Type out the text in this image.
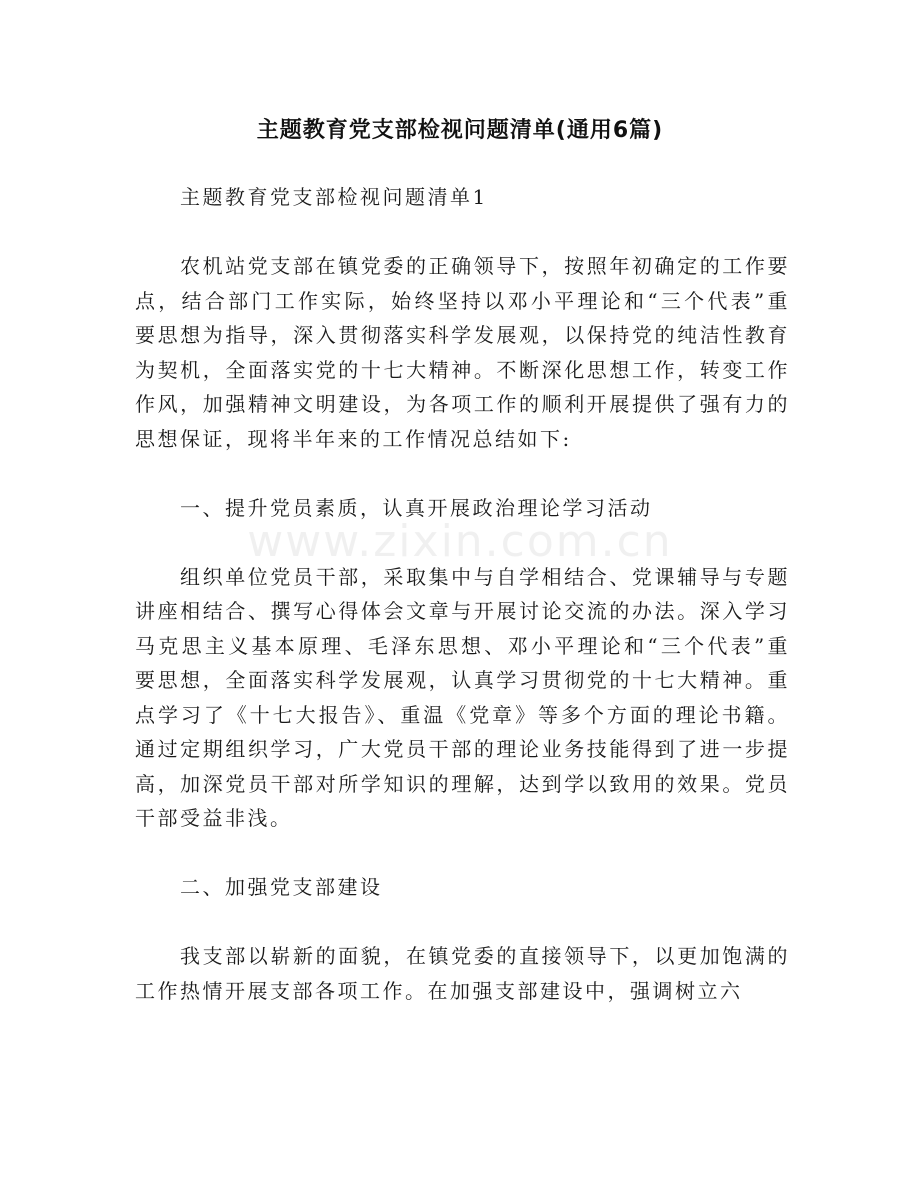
www.zixin.com.cn
主题教育党支部检视问题清单(通用6篇)

主题教育党支部检视问题清单1

农机站党支部在镇党委的正确领导下，按照年初确定的工作要点，结合部门工作实际，始终坚持以邓小平理论和“三个代表”重要思想为指导，深入贯彻落实科学发展观，以保持党的纯洁性教育为契机，全面落实党的十七大精神。不断深化思想工作，转变工作作风，加强精神文明建设，为各项工作的顺利开展提供了强有力的思想保证，现将半年来的工作情况总结如下:

一、提升党员素质，认真开展政治理论学习活动

组织单位党员干部，采取集中与自学相结合、党课辅导与专题讲座相结合、撰写心得体会文章与开展讨论交流的办法。深入学习马克思主义基本原理、毛泽东思想、邓小平理论和“三个代表”重要思想，全面落实科学发展观，认真学习贯彻党的十七大精神。重点学习了《十七大报告》、重温《党章》等多个方面的理论书籍。通过定期组织学习，广大党员干部的理论业务技能得到了进一步提高，加深党员干部对所学知识的理解，达到学以致用的效果。党员干部受益非浅。

二、加强党支部建设

我支部以崭新的面貌，在镇党委的直接领导下，以更加饱满的工作热情开展支部各项工作。在加强支部建设中，强调树立六
